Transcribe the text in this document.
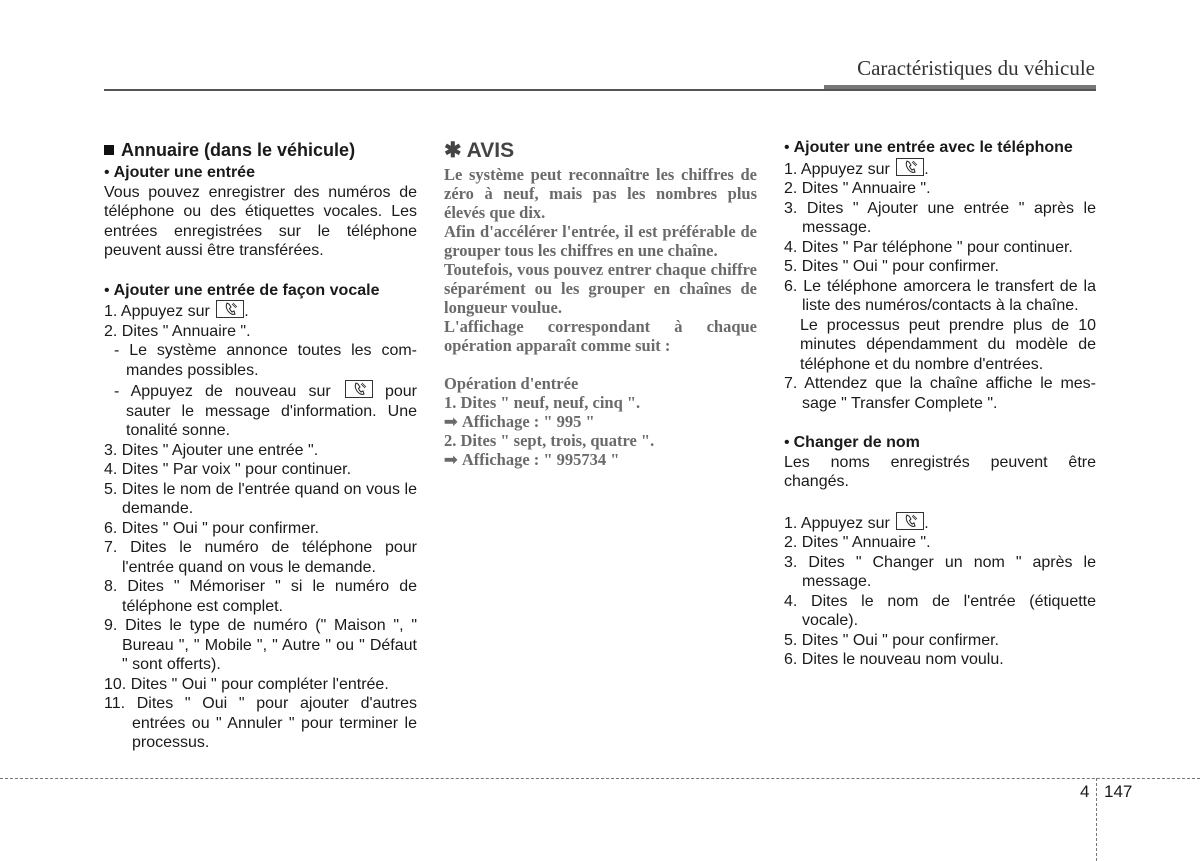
Caractéristiques du véhicule
Annuaire (dans le véhicule)
• Ajouter une entrée
Vous pouvez enregistrer des numéros de téléphone ou des étiquettes vocales. Les entrées enregistrées sur le téléphone peuvent aussi être transférées.
• Ajouter une entrée de façon vocale
1. Appuyez sur .
2. Dites " Annuaire ".
- Le système annonce toutes les com- mandes possibles.
- Appuyez de nouveau sur	pour sauter le message d'information. Une tonalité sonne.
3. Dites " Ajouter une entrée ".
4. Dites " Par voix " pour continuer.
5. Dites le nom de l'entrée quand on vous le demande.
6. Dites " Oui " pour confirmer.
7. Dites le numéro de téléphone pour l'entrée quand on vous le demande.
8. Dites " Mémoriser " si le numéro de téléphone est complet.
9. Dites le type de numéro (" Maison ", " Bureau ", " Mobile ", " Autre " ou " Défaut " sont offerts).
10. Dites " Oui " pour compléter l'entrée.
11. Dites " Oui " pour ajouter d'autres entrées ou " Annuler " pour terminer le processus.
✱ AVIS
Le système peut reconnaître les chiffres de zéro à neuf, mais pas les nombres plus élevés que dix.
Afin d'accélérer l'entrée, il est préférable de grouper tous les chiffres en une chaîne.
Toutefois, vous pouvez entrer chaque chiffre séparément ou les grouper en chaînes de longueur voulue.
L'affichage correspondant à chaque opération apparaît comme suit :
Opération d'entrée
1. Dites " neuf, neuf, cinq ".
➟ Affichage : " 995 "
2. Dites " sept, trois, quatre ".
➟ Affichage : " 995734 "
• Ajouter une entrée avec le téléphone
1. Appuyez sur .
2. Dites " Annuaire ".
3. Dites " Ajouter une entrée " après le message.
4. Dites " Par téléphone " pour continuer.
5. Dites " Oui " pour confirmer.
6. Le téléphone amorcera le transfert de la liste des numéros/contacts à la chaîne.
Le processus peut prendre plus de 10 minutes dépendamment du modèle de téléphone et du nombre d'entrées.
7. Attendez que la chaîne affiche le mes- sage " Transfer Complete ".
• Changer de nom
Les noms enregistrés peuvent être changés.
1. Appuyez sur .
2. Dites " Annuaire ".
3. Dites " Changer un nom " après le message.
4. Dites le nom de l'entrée (étiquette vocale).
5. Dites " Oui " pour confirmer.
6. Dites le nouveau nom voulu.
4 147
